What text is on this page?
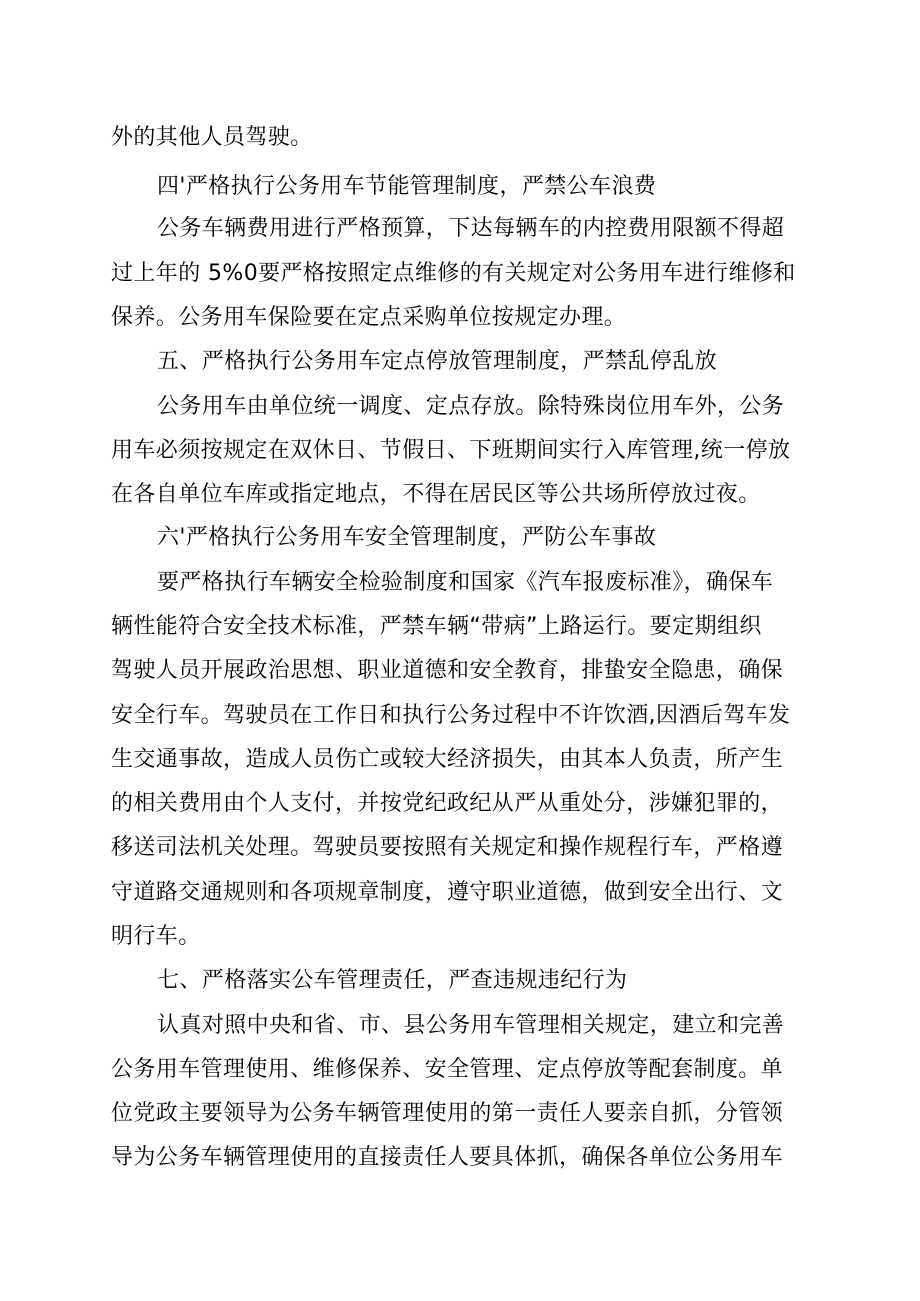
外的其他人员驾驶。
四'严格执行公务用车节能管理制度，严禁公车浪费
公务车辆费用进行严格预算，下达每辆车的内控费用限额不得超
过上年的 5%0要严格按照定点维修的有关规定对公务用车进行维修和
保养。公务用车保险要在定点采购单位按规定办理。
五、严格执行公务用车定点停放管理制度，严禁乱停乱放
公务用车由单位统一调度、定点存放。除特殊岗位用车外，公务
用车必须按规定在双休日、节假日、下班期间实行入库管理,统一停放
在各自单位车库或指定地点，不得在居民区等公共场所停放过夜。
六'严格执行公务用车安全管理制度，严防公车事故
要严格执行车辆安全检验制度和国家《汽车报废标准》，确保车
辆性能符合安全技术标准，严禁车辆“带病”上路运行。要定期组织
驾驶人员开展政治思想、职业道德和安全教育，排蛰安全隐患，确保
安全行车。驾驶员在工作日和执行公务过程中不许饮酒,因酒后驾车发
生交通事故，造成人员伤亡或较大经济损失，由其本人负责，所产生
的相关费用由个人支付，并按党纪政纪从严从重处分，涉嫌犯罪的，
移送司法机关处理。驾驶员要按照有关规定和操作规程行车，严格遵
守道路交通规则和各项规章制度，遵守职业道德，做到安全出行、文
明行车。
七、严格落实公车管理责任，严查违规违纪行为
认真对照中央和省、市、县公务用车管理相关规定，建立和完善
公务用车管理使用、维修保养、安全管理、定点停放等配套制度。单
位党政主要领导为公务车辆管理使用的第一责任人要亲自抓，分管领
导为公务车辆管理使用的直接责任人要具体抓，确保各单位公务用车
